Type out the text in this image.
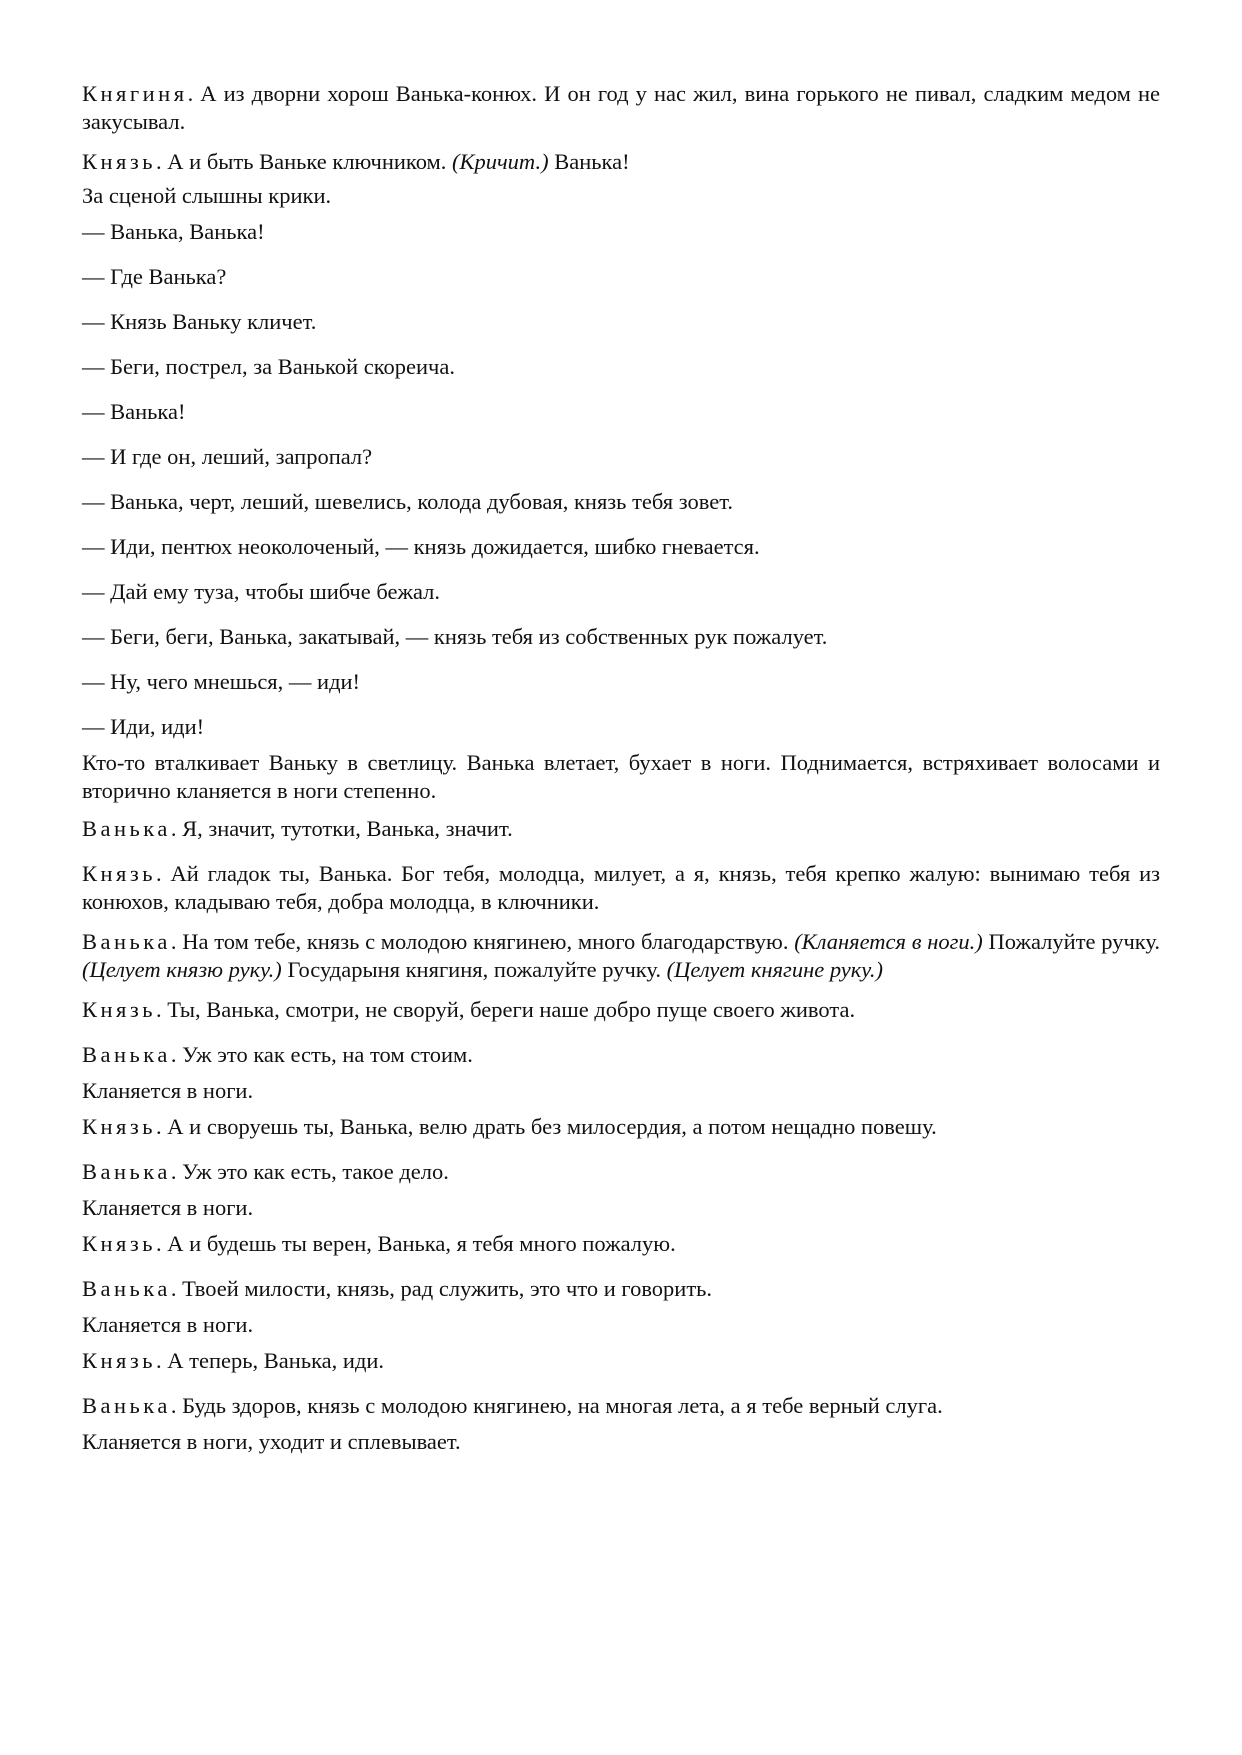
Княгиня. А из дворни хорош Ванька-конюх. И он год у нас жил, вина горького не пивал, сладким медом не закусывал.

Князь. А и быть Ваньке ключником. (Кричит.) Ванька!

За сценой слышны крики.

— Ванька, Ванька!

— Где Ванька?

— Князь Ваньку кличет.

— Беги, пострел, за Ванькой скореича.

— Ванька!

— И где он, леший, запропал?

— Ванька, черт, леший, шевелись, колода дубовая, князь тебя зовет.

— Иди, пентюх неоколоченый, — князь дожидается, шибко гневается.

— Дай ему туза, чтобы шибче бежал.

— Беги, беги, Ванька, закатывай, — князь тебя из собственных рук пожалует.

— Ну, чего мнешься, — иди!

— Иди, иди!

Кто-то вталкивает Ваньку в светлицу. Ванька влетает, бухает в ноги. Поднимается, встряхивает волосами и вторично кланяется в ноги степенно.

Ванька. Я, значит, тутотки, Ванька, значит.

Князь. Ай гладок ты, Ванька. Бог тебя, молодца, милует, а я, князь, тебя крепко жалую: вынимаю тебя из конюхов, кладываю тебя, добра молодца, в ключники.

Ванька. На том тебе, князь с молодою княгинею, много благодарствую. (Кланяется в ноги.) Пожалуйте ручку. (Целует князю руку.) Государыня княгиня, пожалуйте ручку. (Целует княгине руку.)

Князь. Ты, Ванька, смотри, не своруй, береги наше добро пуще своего живота.

Ванька. Уж это как есть, на том стоим.

Кланяется в ноги.

Князь. А и своруешь ты, Ванька, велю драть без милосердия, а потом нещадно повешу.

Ванька. Уж это как есть, такое дело.

Кланяется в ноги.

Князь. А и будешь ты верен, Ванька, я тебя много пожалую.

Ванька. Твоей милости, князь, рад служить, это что и говорить.

Кланяется в ноги.

Князь. А теперь, Ванька, иди.

Ванька. Будь здоров, князь с молодою княгинею, на многая лета, а я тебе верный слуга.

Кланяется в ноги, уходит и сплевывает.
